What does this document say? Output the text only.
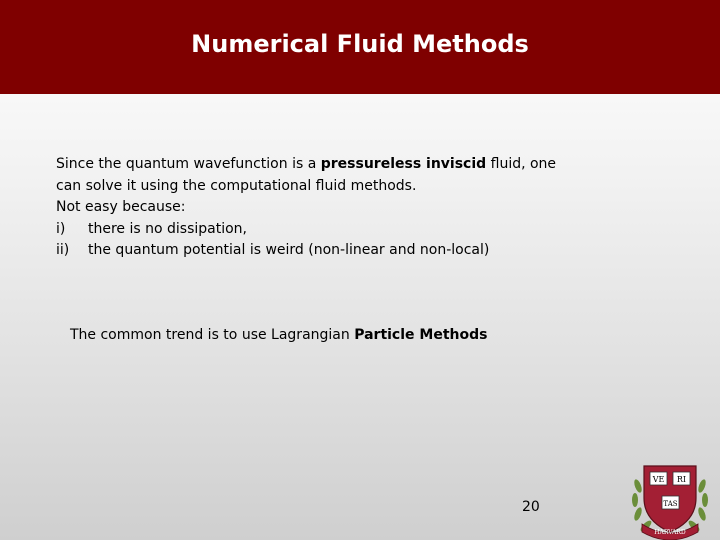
Numerical Fluid Methods
Since the quantum wavefunction is a pressureless inviscid fluid, one
can solve it using the computational fluid methods.
Not easy because:
i) there is no dissipation,
ii) the quantum potential is weird (non-linear and non-local)
The common trend is to use Lagrangian Particle Methods
20
VE RI
TAS
HARVARD
